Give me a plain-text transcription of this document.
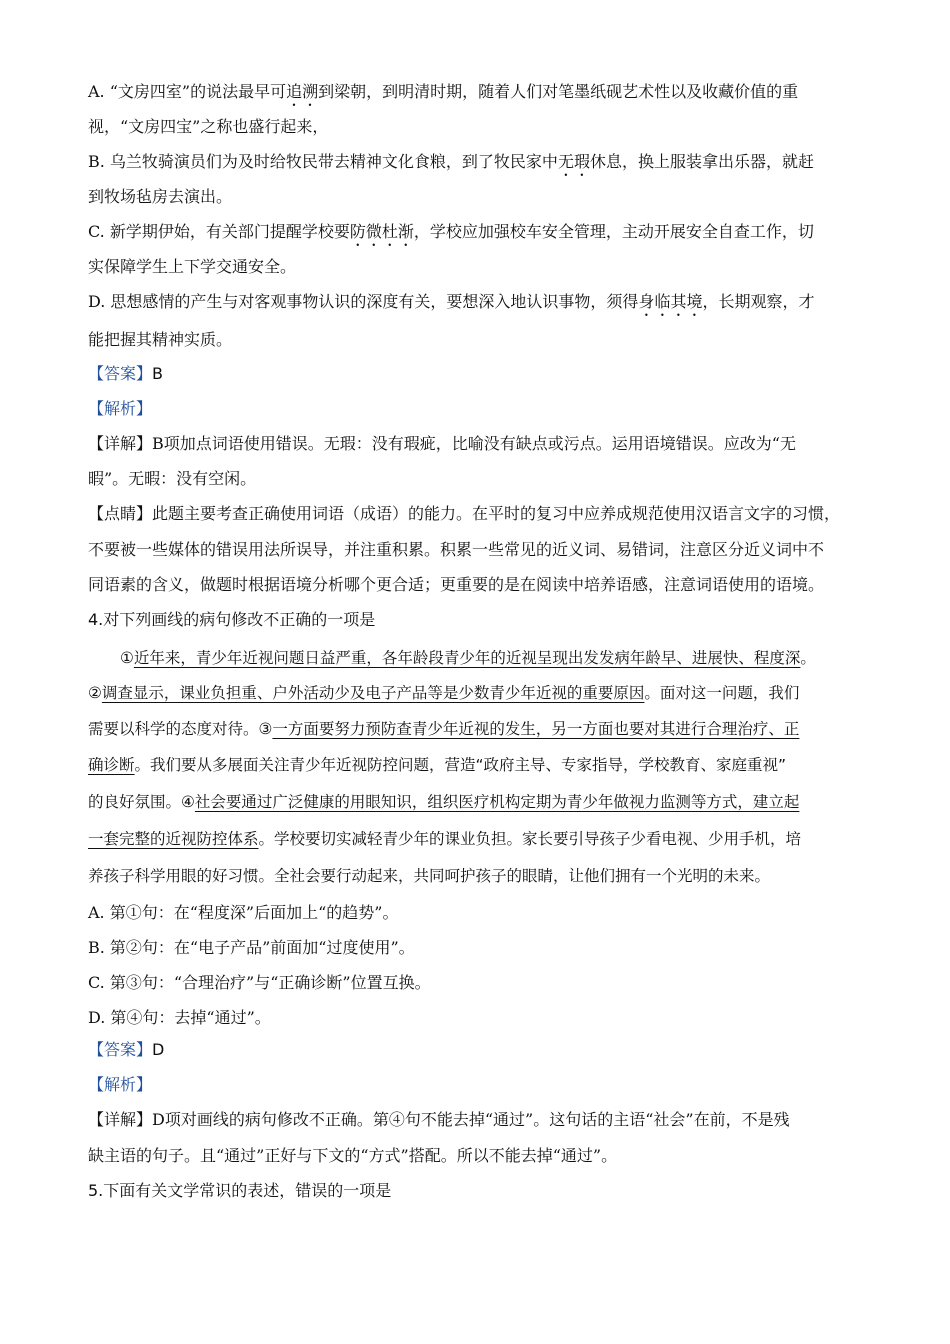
A. “文房四室”的说法最早可追溯到梁朝，到明清时期，随着人们对笔墨纸砚艺术性以及收藏价值的重
视，“文房四宝”之称也盛行起来，
B. 乌兰牧骑演员们为及时给牧民带去精神文化食粮，到了牧民家中无瑕休息，换上服装拿出乐器，就赶
到牧场毡房去演出。
C. 新学期伊始，有关部门提醒学校要防微杜渐，学校应加强校车安全管理，主动开展安全自查工作，切
实保障学生上下学交通安全。
D. 思想感情的产生与对客观事物认识的深度有关，要想深入地认识事物，须得身临其境，长期观察，才
能把握其精神实质。
【答案】B
【解析】
【详解】B项加点词语使用错误。无瑕：没有瑕疵，比喻没有缺点或污点。运用语境错误。应改为“无
暇”。无暇：没有空闲。
【点睛】此题主要考查正确使用词语（成语）的能力。在平时的复习中应养成规范使用汉语言文字的习惯，
不要被一些媒体的错误用法所误导，并注重积累。积累一些常见的近义词、易错词，注意区分近义词中不
同语素的含义，做题时根据语境分析哪个更合适；更重要的是在阅读中培养语感，注意词语使用的语境。
4.对下列画线的病句修改不正确的一项是
①近年来，青少年近视问题日益严重，各年龄段青少年的近视呈现出发发病年龄早、进展快、程度深。
②调查显示，课业负担重、户外活动少及电子产品等是少数青少年近视的重要原因。面对这一问题，我们
需要以科学的态度对待。③一方面要努力预防查青少年近视的发生，另一方面也要对其进行合理治疗、正
确诊断。我们要从多展面关注青少年近视防控问题，营造“政府主导、专家指导，学校教育、家庭重视”
的良好氛围。④社会要通过广泛健康的用眼知识，组织医疗机构定期为青少年做视力监测等方式，建立起
一套完整的近视防控体系。学校要切实减轻青少年的课业负担。家长要引导孩子少看电视、少用手机，培
养孩子科学用眼的好习惯。全社会要行动起来，共同呵护孩子的眼睛，让他们拥有一个光明的未来。
A. 第①句：在“程度深”后面加上“的趋势”。
B. 第②句：在“电子产品”前面加“过度使用”。
C. 第③句：“合理治疗”与“正确诊断”位置互换。
D. 第④句：去掉“通过”。
【答案】D
【解析】
【详解】D项对画线的病句修改不正确。第④句不能去掉“通过”。这句话的主语“社会”在前，不是残
缺主语的句子。且“通过”正好与下文的“方式”搭配。所以不能去掉“通过”。
5.下面有关文学常识的表述，错误的一项是
